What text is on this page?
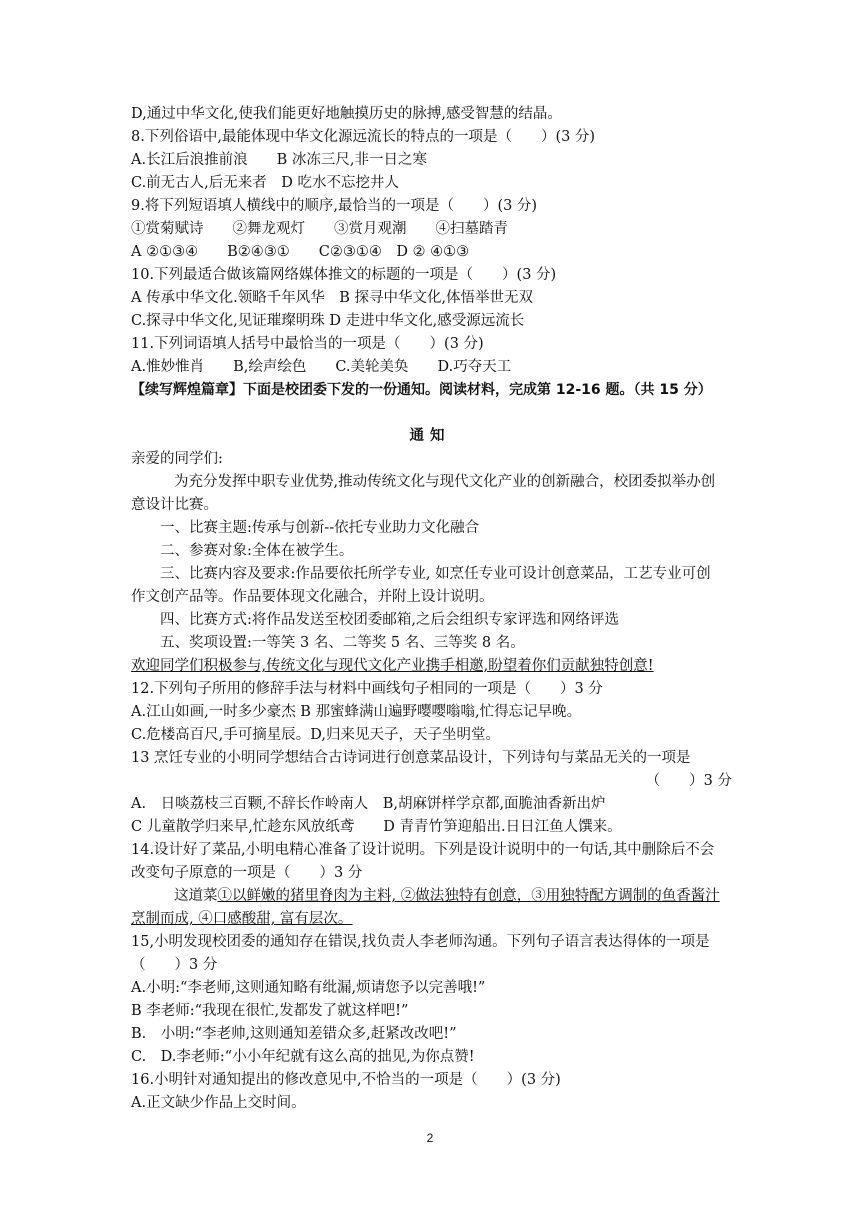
D,通过中华文化,使我们能更好地触摸历史的脉搏,感受智慧的结晶。
8.下列俗语中,最能体现中华文化源远流长的特点的一项是（　　）(3 分)
A.长江后浪推前浪　　B 冰冻三尺,非一日之寒
C.前无古人,后无来者　D 吃水不忘挖井人
9.将下列短语填人横线中的顺序,最恰当的一项是（　　）(3 分)
①赏菊赋诗　　②舞龙观灯　　③赏月观潮　　④扫墓踏青
A ②①③④　　B②④③①　　C②③①④　D ② ④①③
10.下列最适合做该篇网络媒体推文的标题的一项是（　　）(3 分)
A 传承中华文化.领略千年风华　B 探寻中华文化,体悟举世无双
C.探寻中华文化,见证璀璨明珠 D 走进中华文化,感受源远流长
11.下列词语填人括号中最恰当的一项是（　　）(3 分)
A.惟妙惟肖　　B,绘声绘色　　C.美轮美奂　　D.巧夺天工
【续写辉煌篇章】下面是校团委下发的一份通知。阅读材料，完成第 12-16 题。（共 15 分）
通知
亲爱的同学们:
为充分发挥中职专业优势,推动传统文化与现代文化产业的创新融合，校团委拟举办创
意设计比赛。
一、比赛主题:传承与创新--依托专业助力文化融合
二、参赛对象:全体在被学生。
三、比赛内容及要求:作品要依托所学专业, 如烹任专业可设计创意菜品，工艺专业可创
作文创产品等。作品要体现文化融合，并附上设计说明。
四、比赛方式:将作品发送至校团委邮箱,之后会组织专家评选和网络评选
五、奖项设置:一等笑 3 名、二等奖 5 名、三等奖 8 名。
欢迎同学们积极参与,传统文化与现代文化产业携手相邀,盼望着你们贡献独特创意!
12.下列句子所用的修辞手法与材料中画线句子相同的一项是（　　）3 分
A.江山如画,一时多少豪杰 B 那蜜蜂满山遍野嘤嘤嗡嗡,忙得忘记早晚。
C.危楼高百尺,手可摘星辰。D,归来见天子，天子坐明堂。
13 烹饪专业的小明同学想结合古诗词进行创意菜品设计，下列诗句与菜品无关的一项是
（　　）3 分
A.　日啖荔枝三百颗,不辞长作岭南人　B,胡麻饼样学京都,面脆油香新出炉
C 儿童散学归来早,忙趁东风放纸鸢　　D 青青竹笋迎船出.日日江鱼人馔来。
14.设计好了菜品,小明电精心准备了设计说明。下列是设计说明中的一句话,其中删除后不会
改变句子原意的一项是（　　）3 分
这道菜①以鲜嫩的猪里脊肉为主料, ②做法独特有创意，③用独特配方调制的鱼香酱汁
烹制而成, ④口感酸甜, 富有层次。
15,小明发现校团委的通知存在错误,找负责人李老师沟通。下列句子语言表达得体的一项是
（　　）3 分
A.小明:“李老师,这则通知略有纰漏,烦请您予以完善哦!”
B 李老师:“我现在很忙,发都发了就这样吧!”
B.　小明:“李老帅,这则通知差错众多,赶紧改改吧!”
C.　D.李老师:“小小年纪就有这么高的拙见,为你点赞!
16.小明针对通知提出的修改意见中,不恰当的一项是（　　）(3 分)
A.正文缺少作品上交时间。
2
